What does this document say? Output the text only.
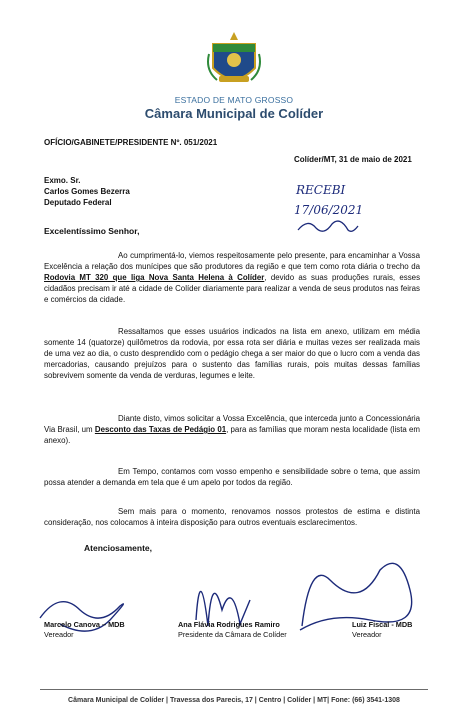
ESTADO DE MATO GROSSO
Câmara Municipal de Colíder
OFÍCIO/GABINETE/PRESIDENTE Nº. 051/2021
Colíder/MT, 31 de maio de 2021
Exmo. Sr.
Carlos Gomes Bezerra
Deputado Federal
RECEBI
17/06/2021
Excelentíssimo Senhor,
Ao cumprimentá-lo, viemos respeitosamente pelo presente, para encaminhar a Vossa Excelência a relação dos munícipes que são produtores da região e que tem como rota diária o trecho da Rodovia MT 320 que liga Nova Santa Helena à Colíder, devido as suas produções rurais, esses cidadãos precisam ir até a cidade de Colíder diariamente para realizar a venda de seus produtos nas feiras e comércios da cidade.
Ressaltamos que esses usuários indicados na lista em anexo, utilizam em média somente 14 (quatorze) quilômetros da rodovia, por essa rota ser diária e muitas vezes ser realizada mais de uma vez ao dia, o custo desprendido com o pedágio chega a ser maior do que o lucro com a venda das mercadorias, causando prejuízos para o sustento das famílias rurais, pois muitas dessas famílias sobrevivem somente da venda de verduras, legumes e leite.
Diante disto, vimos solicitar a Vossa Excelência, que interceda junto a Concessionária Via Brasil, um Desconto das Taxas de Pedágio 01, para as famílias que moram nesta localidade (lista em anexo).
Em Tempo, contamos com vosso empenho e sensibilidade sobre o tema, que assim possa atender a demanda em tela que é um apelo por todos da região.
Sem mais para o momento, renovamos nossos protestos de estima e distinta consideração, nos colocamos à inteira disposição para outros eventuais esclarecimentos.
Atenciosamente,
Marcelo Canova – MDB
Vereador
Ana Flávia Rodrigues Ramiro
Presidente da Câmara de Colíder
Luiz Fiscal - MDB
Vereador
Câmara Municipal de Colíder | Travessa dos Parecis, 17 | Centro | Colíder | MT| Fone: (66) 3541-1308
